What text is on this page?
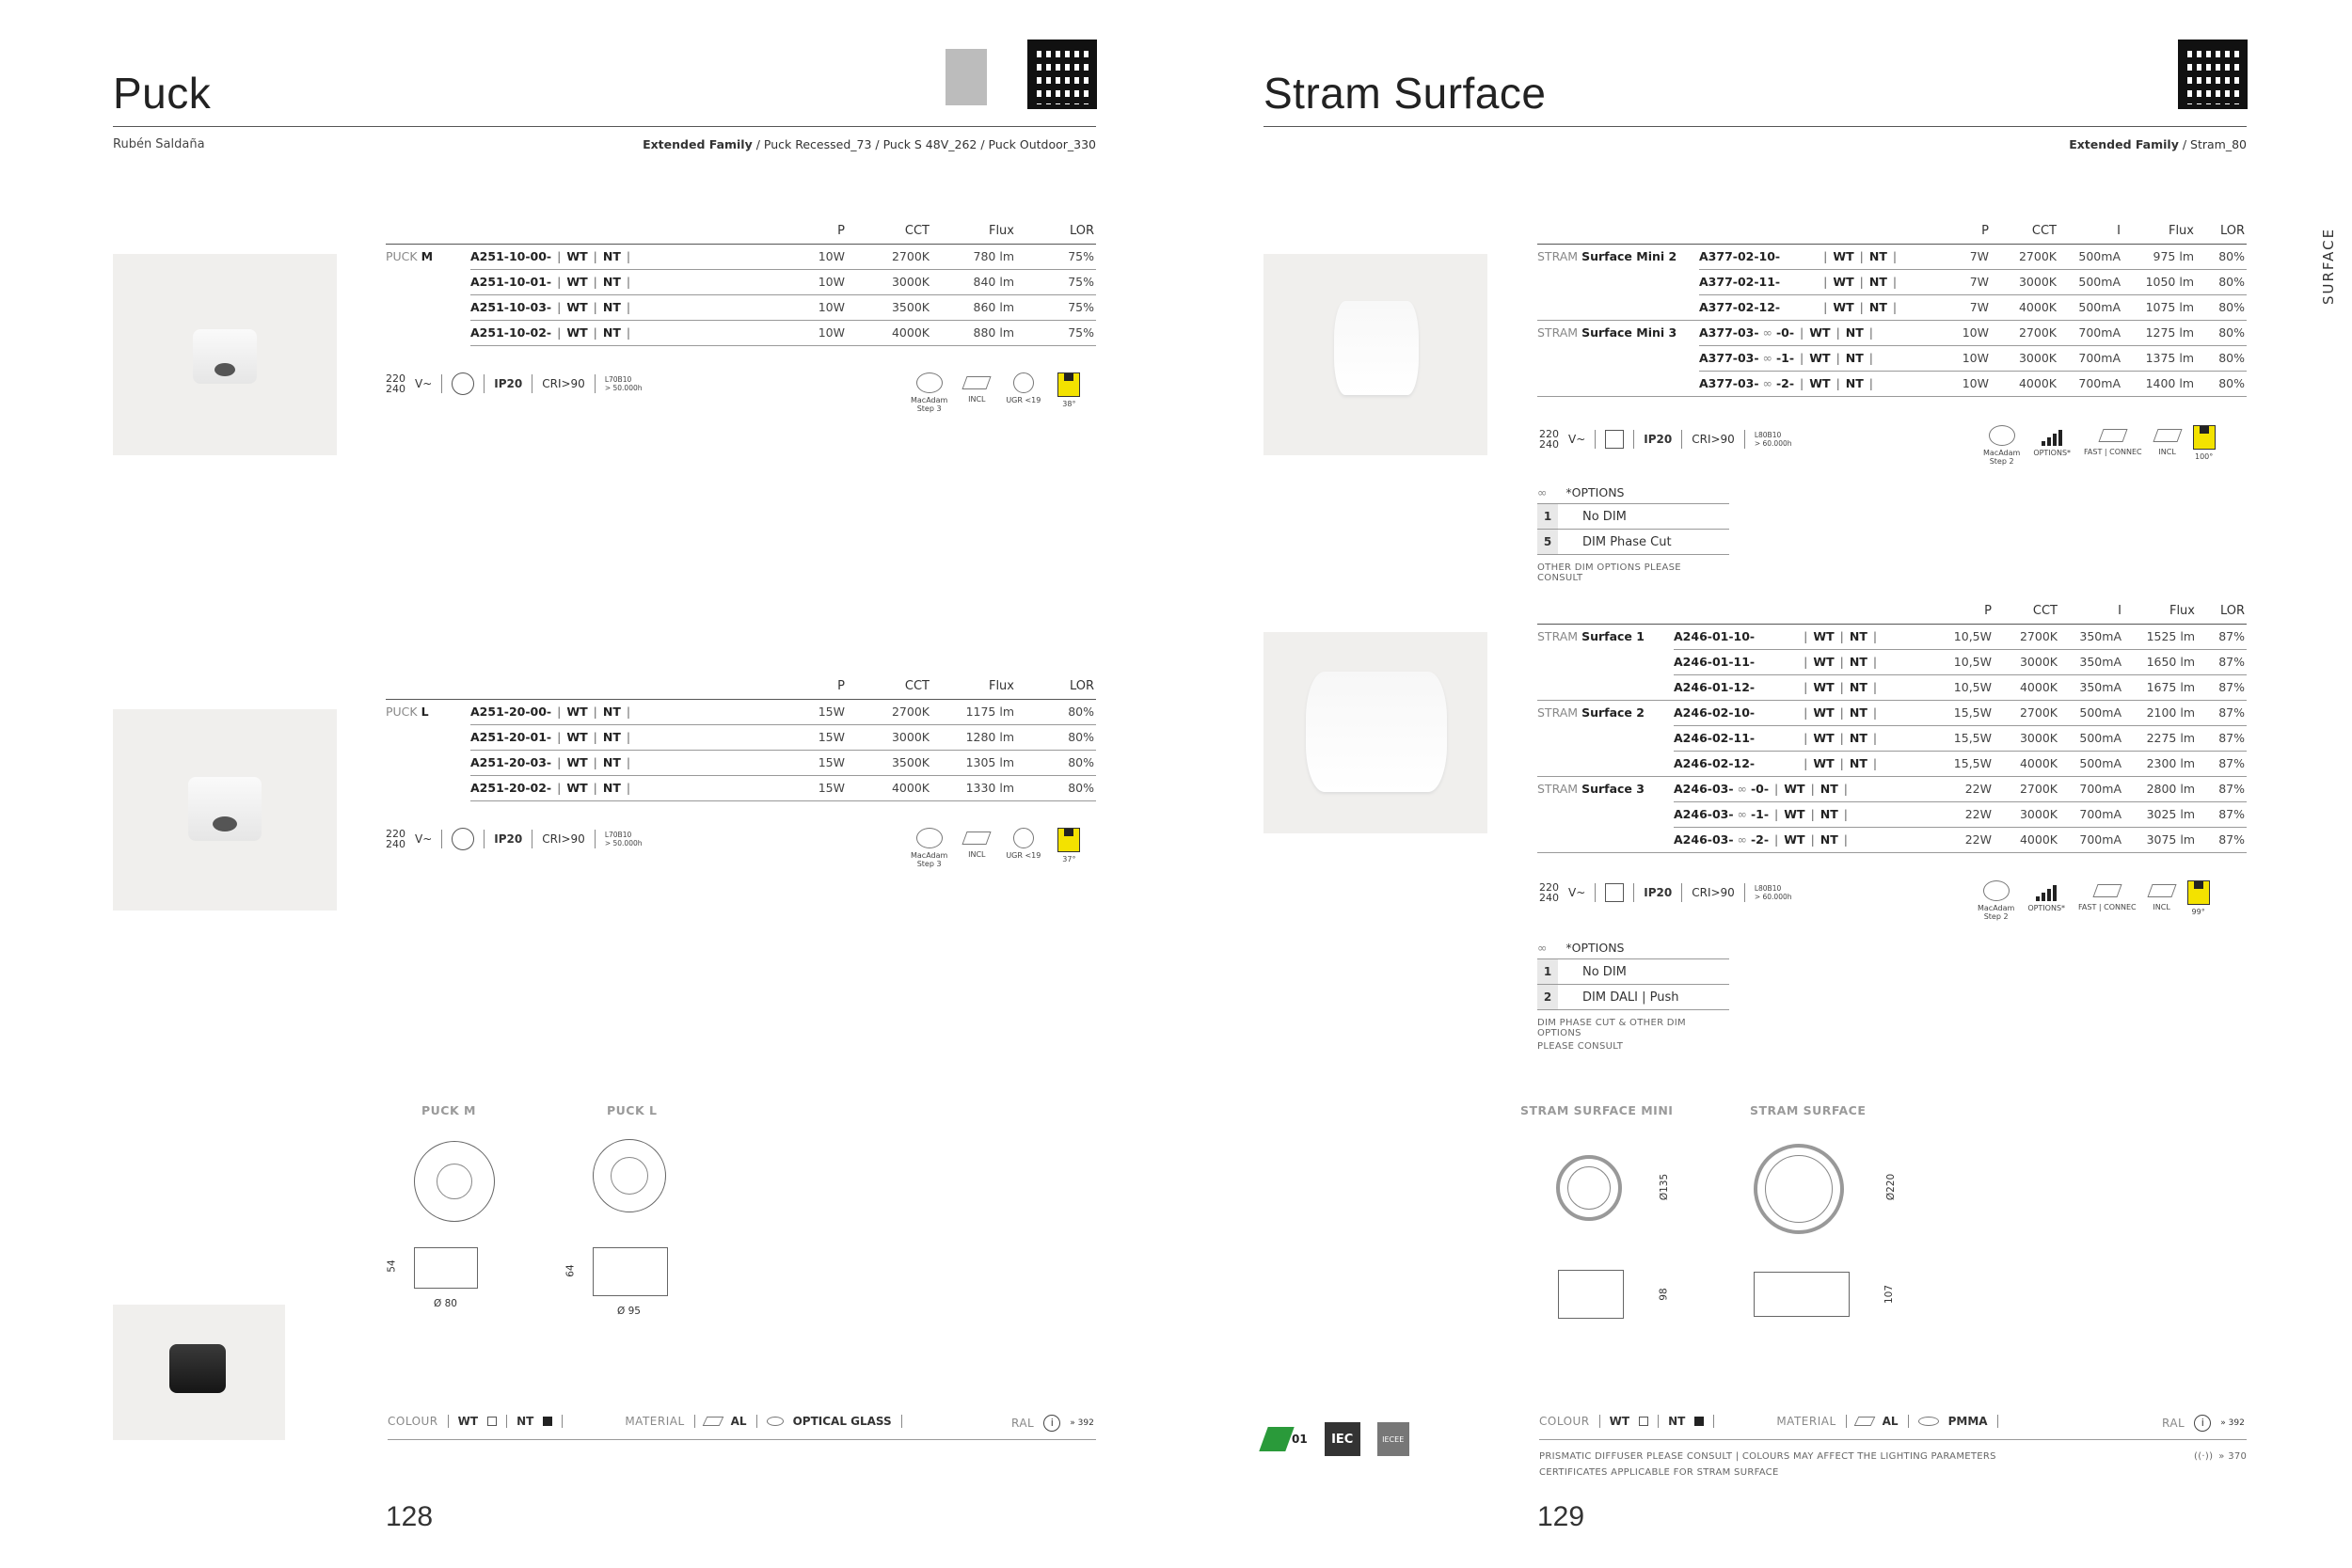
Puck
Rubén Saldaña	Extended Family / Puck Recessed_73 / Puck S 48V_262 / Puck Outdoor_330
		P	CCT	Flux	LOR
PUCK M	A251-10-00- | WT | NT |	10W	2700K	780 lm	75%
	A251-10-01- | WT | NT |	10W	3000K	840 lm	75%
	A251-10-03- | WT | NT |	10W	3500K	860 lm	75%
	A251-10-02- | WT | NT |	10W	4000K	880 lm	75%
220
240 V~	IP20 CRI>90	L70B10
> 50.000h
MacAdam
Step 3
INCL	UGR <19	38°
		P	CCT	Flux	LOR
PUCK L	A251-20-00- | WT | NT |	15W	2700K	1175 lm	80%
	A251-20-01- | WT | NT |	15W	3000K	1280 lm	80%
	A251-20-03- | WT | NT |	15W	3500K	1305 lm	80%
	A251-20-02- | WT | NT |	15W	4000K	1330 lm	80%
220
240 V~	IP20 CRI>90	L70B10
> 50.000h
MacAdam
Step 3
INCL	UGR <19	37°
PUCK M	PUCK L
54
Ø 80
64
Ø 95
COLOUR WT	NT	MATERIAL	AL	OPTICAL GLASS	RAL	i	» 392
128
Stram Surface
Extended Family / Stram_80
SURFACE
		P	CCT	I	Flux	LOR
STRAM Surface Mini 2	A377-02-10- | WT | NT |	7W	2700K	500mA	975 lm	80%
	A377-02-11- | WT | NT |	7W	3000K	500mA	1050 lm	80%
	A377-02-12- | WT | NT |	7W	4000K	500mA	1075 lm	80%
STRAM Surface Mini 3	A377-03- ∞ -0- | WT | NT |	10W	2700K	700mA	1275 lm	80%
	A377-03- ∞ -1- | WT | NT |	10W	3000K	700mA	1375 lm	80%
	A377-03- ∞ -2- | WT | NT |	10W	4000K	700mA	1400 lm	80%
220
240 V~	IP20 CRI>90	L80B10
> 60.000h
MacAdam
Step 2
OPTIONS* FAST | CONNEC INCL
100°
∞ *OPTIONS
1	No DIM
5	DIM Phase Cut
OTHER DIM OPTIONS PLEASE CONSULT
		P	CCT	I	Flux	LOR
STRAM Surface 1	A246-01-10- | WT | NT |	10,5W	2700K	350mA	1525 lm	87%
	A246-01-11- | WT | NT |	10,5W	3000K	350mA	1650 lm	87%
	A246-01-12- | WT | NT |	10,5W	4000K	350mA	1675 lm	87%
STRAM Surface 2	A246-02-10- | WT | NT |	15,5W	2700K	500mA	2100 lm	87%
	A246-02-11- | WT | NT |	15,5W	3000K	500mA	2275 lm	87%
	A246-02-12- | WT | NT |	15,5W	4000K	500mA	2300 lm	87%
STRAM Surface 3	A246-03- ∞ -0- | WT | NT |	22W	2700K	700mA	2800 lm	87%
	A246-03- ∞ -1- | WT | NT |	22W	3000K	700mA	3025 lm	87%
	A246-03- ∞ -2- | WT | NT |	22W	4000K	700mA	3075 lm	87%
220
240 V~	IP20 CRI>90	L80B10
> 60.000h
MacAdam
Step 2
OPTIONS* FAST | CONNEC INCL
99°
∞ *OPTIONS
1	No DIM
2	DIM DALI | Push
DIM PHASE CUT & OTHER DIM OPTIONS
PLEASE CONSULT
STRAM SURFACE MINI	STRAM SURFACE
Ø135	Ø220
98	107
01	IEC	IECEE
COLOUR WT	NT	MATERIAL	AL	PMMA	RAL	i	» 392
PRISMATIC DIFFUSER PLEASE CONSULT | COLOURS MAY AFFECT THE LIGHTING PARAMETERS
CERTIFICATES APPLICABLE FOR STRAM SURFACE
((·)) » 370
129
